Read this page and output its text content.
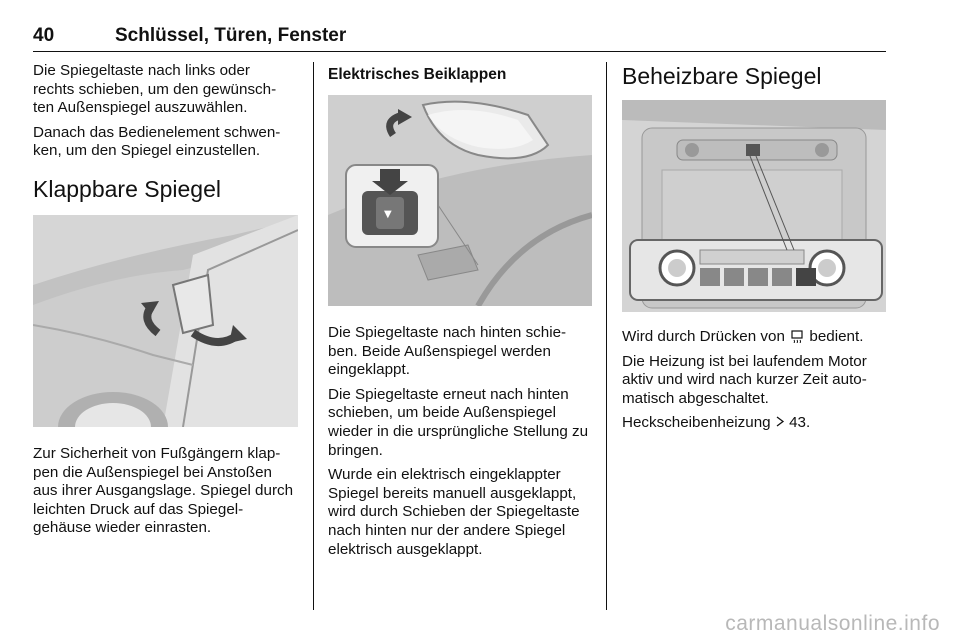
40	Schlüssel, Türen, Fenster

Die Spiegeltaste nach links oder rechts schieben, um den gewünsch-ten Außenspiegel auszuwählen.

Danach das Bedienelement schwen-ken, um den Spiegel einzustellen.

Klappbare Spiegel

Zur Sicherheit von Fußgängern klap-pen die Außenspiegel bei Anstoßen aus ihrer Ausgangslage. Spiegel durch leichten Druck auf das Spiegel-gehäuse wieder einrasten.

Elektrisches Beiklappen
▼

Die Spiegeltaste nach hinten schie-ben. Beide Außenspiegel werden eingeklappt.

Die Spiegeltaste erneut nach hinten schieben, um beide Außenspiegel wieder in die ursprüngliche Stellung zu bringen.

Wurde ein elektrisch eingeklappter Spiegel bereits manuell ausgeklappt, wird durch Schieben der Spiegeltaste nach hinten nur der andere Spiegel elektrisch ausgeklappt.

Beheizbare Spiegel

Wird durch Drücken von bedient.

Die Heizung ist bei laufendem Motor aktiv und wird nach kurzer Zeit auto-matisch abgeschaltet.

Heckscheibenheizung 43.

carmanualsonline.info
